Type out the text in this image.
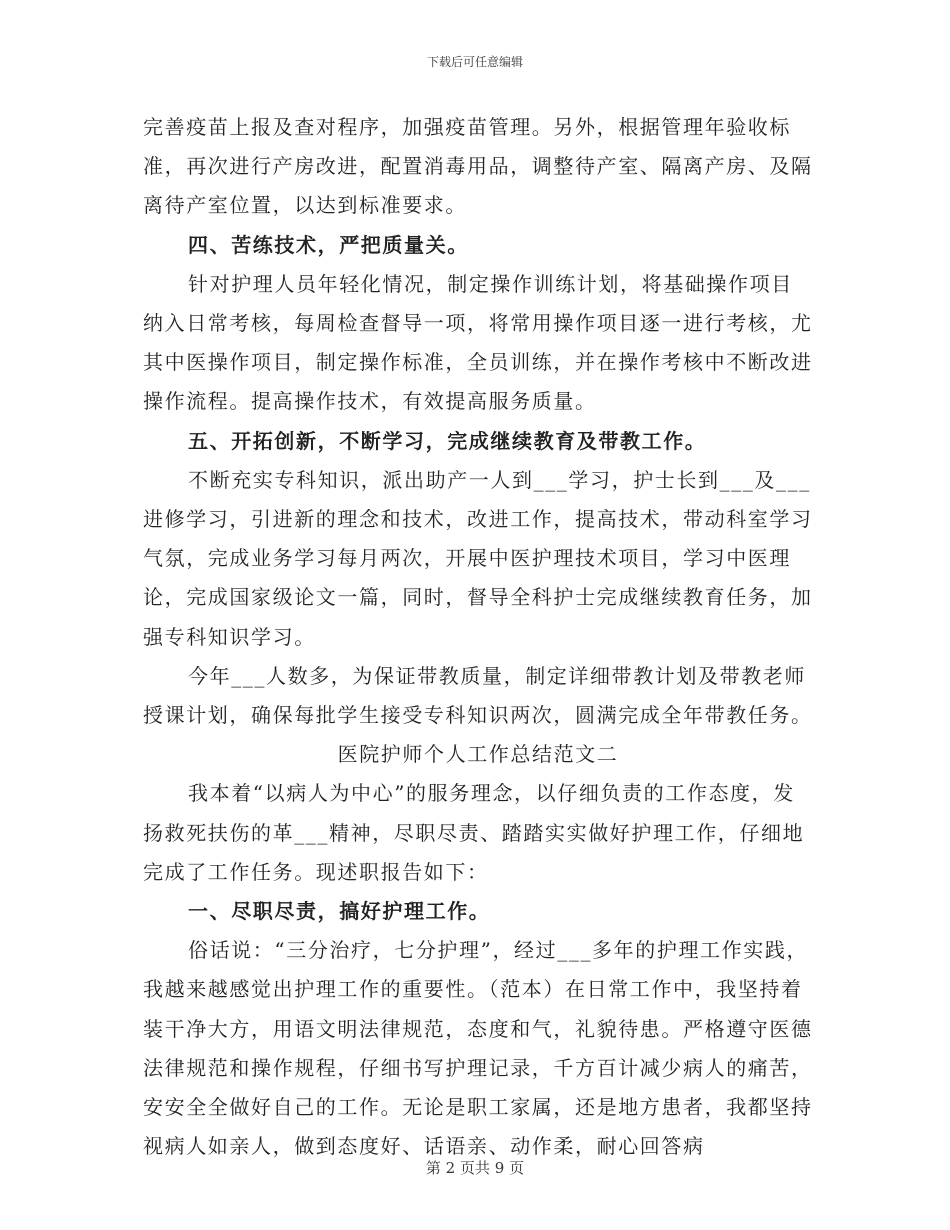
下载后可任意编辑

完善疫苗上报及查对程序，加强疫苗管理。另外，根据管理年验收标准，再次进行产房改进，配置消毒用品，调整待产室、隔离产房、及隔离待产室位置，以达到标准要求。

四、苦练技术，严把质量关。

针对护理人员年轻化情况，制定操作训练计划，将基础操作项目纳入日常考核，每周检查督导一项，将常用操作项目逐一进行考核，尤其中医操作项目，制定操作标准，全员训练，并在操作考核中不断改进操作流程。提高操作技术，有效提高服务质量。

五、开拓创新，不断学习，完成继续教育及带教工作。

不断充实专科知识，派出助产一人到___学习，护士长到___及___进修学习，引进新的理念和技术，改进工作，提高技术，带动科室学习气氛，完成业务学习每月两次，开展中医护理技术项目，学习中医理论，完成国家级论文一篇，同时，督导全科护士完成继续教育任务，加强专科知识学习。

今年___人数多，为保证带教质量，制定详细带教计划及带教老师授课计划，确保每批学生接受专科知识两次，圆满完成全年带教任务。

医院护师个人工作总结范文二

我本着“以病人为中心”的服务理念，以仔细负责的工作态度，发扬救死扶伤的革___精神，尽职尽责、踏踏实实做好护理工作，仔细地完成了工作任务。现述职报告如下：

一、尽职尽责，搞好护理工作。

俗话说：“三分治疗，七分护理”，经过___多年的护理工作实践，我越来越感觉出护理工作的重要性。（范本）在日常工作中，我坚持着装干净大方，用语文明法律规范，态度和气，礼貌待患。严格遵守医德法律规范和操作规程，仔细书写护理记录，千方百计减少病人的痛苦，安安全全做好自己的工作。无论是职工家属，还是地方患者，我都坚持视病人如亲人，做到态度好、话语亲、动作柔，耐心回答病

第 2 页共 9 页
